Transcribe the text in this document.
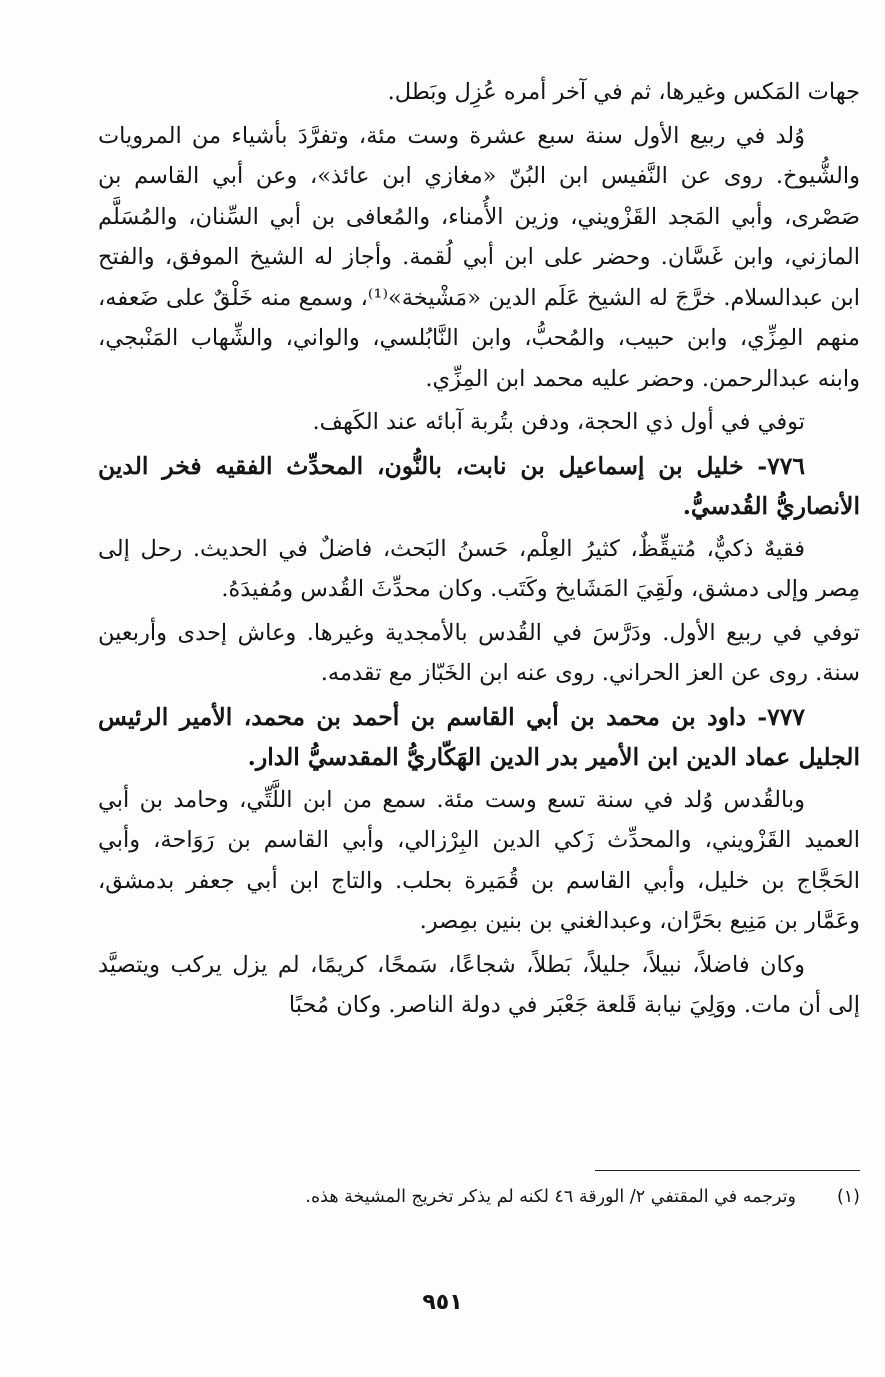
جهات المَكس وغيرها، ثم في آخر أمره عُزِل وبَطل.

وُلد في ربيع الأول سنة سبع عشرة وست مئة، وتفرَّدَ بأشياء من المرويات والشُّيوخ. روى عن النَّفيس ابن البُنّ «مغازي ابن عائذ»، وعن أبي القاسم بن صَصْرى، وأبي المَجد القَزْويني، وزين الأُمناء، والمُعافى بن أبي السِّنان، والمُسَلَّم المازني، وابن غَسَّان. وحضر على ابن أبي لُقمة. وأجاز له الشيخ الموفق، والفتح ابن عبدالسلام. خرَّجَ له الشيخ عَلَم الدين «مَشْيخة»⁽¹⁾، وسمع منه خَلْقٌ على ضَعفه، منهم المِزِّي، وابن حبيب، والمُحبُّ، وابن النَّابُلسي، والواني، والشِّهاب المَنْبجي، وابنه عبدالرحمن. وحضر عليه محمد ابن المِزِّي.

توفي في أول ذي الحجة، ودفن بتُربة آبائه عند الكَهف.

٧٧٦- خليل بن إسماعيل بن نابت، بالنُّون، المحدِّث الفقيه فخر الدين الأنصاريُّ القُدسيُّ.

فقيهٌ ذكيٌّ، مُتيقِّظٌ، كثيرُ العِلْم، حَسنُ البَحث، فاضلٌ في الحديث. رحل إلى مِصر وإلى دمشق، ولَقِيَ المَشَايخ وكَتَب. وكان محدِّثَ القُدس ومُفيدَهُ.

توفي في ربيع الأول. ودَرَّسَ في القُدس بالأمجدية وغيرها. وعاش إحدى وأربعين سنة. روى عن العز الحراني. روى عنه ابن الخَبّاز مع تقدمه.

٧٧٧- داود بن محمد بن أبي القاسم بن أحمد بن محمد، الأمير الرئيس الجليل عماد الدين ابن الأمير بدر الدين الهَكّاريُّ المقدسيُّ الدار.

وبالقُدس وُلد في سنة تسع وست مئة. سمع من ابن اللَّتِّي، وحامد بن أبي العميد القَزْويني، والمحدِّث زَكي الدين البِرْزالي، وأبي القاسم بن رَوَاحة، وأبي الحَجَّاج بن خليل، وأبي القاسم بن قُمَيرة بحلب. والتاج ابن أبي جعفر بدمشق، وعَمَّار بن مَنِيع بحَرَّان، وعبدالغني بن بنين بمِصر.

وكان فاضلاً، نبيلاً، جليلاً، بَطلاً، شجاعًا، سَمحًا، كريمًا، لم يزل يركب ويتصيَّد إلى أن مات. ووَلِيَ نيابة قَلعة جَعْبَر في دولة الناصر. وكان مُحبًا

(١)وترجمه في المقتفي ٢/ الورقة ٤٦ لكنه لم يذكر تخريج المشيخة هذه.
٩٥١
